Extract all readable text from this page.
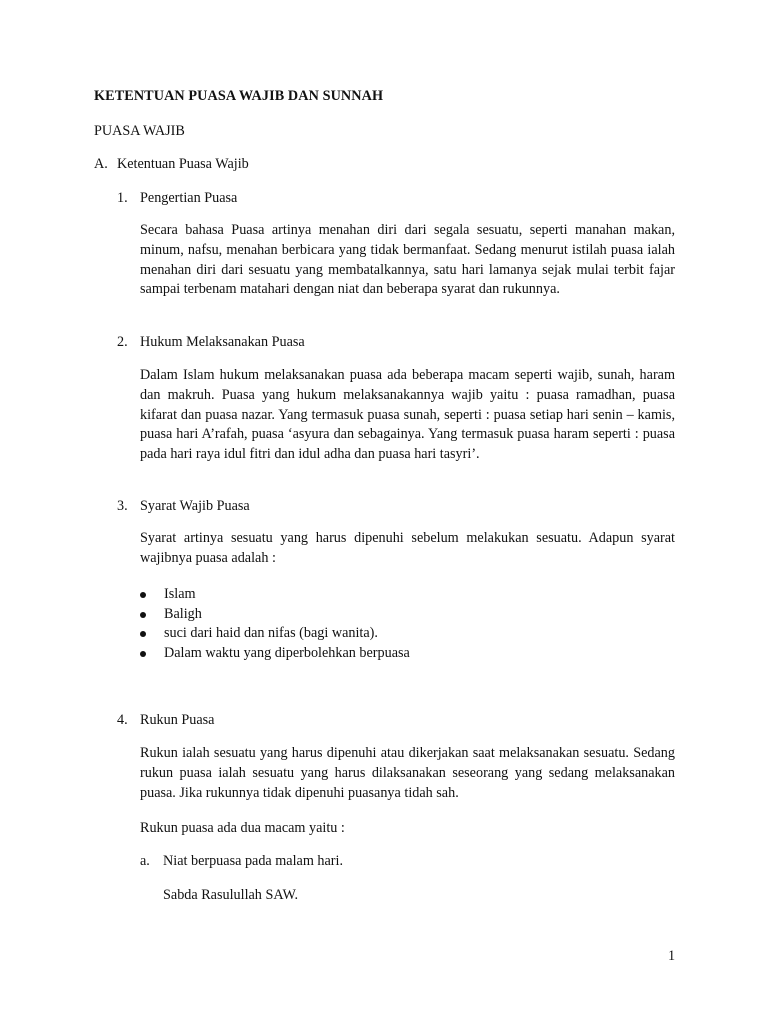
KETENTUAN PUASA WAJIB DAN SUNNAH
PUASA WAJIB
A. Ketentuan Puasa Wajib
1. Pengertian Puasa

Secara bahasa Puasa artinya menahan diri dari segala sesuatu, seperti manahan makan, minum, nafsu, menahan berbicara yang tidak bermanfaat. Sedang menurut istilah puasa ialah menahan diri dari sesuatu yang membatalkannya, satu hari lamanya sejak mulai terbit fajar sampai terbenam matahari dengan niat dan beberapa syarat dan rukunnya.

2. Hukum Melaksanakan Puasa

Dalam Islam hukum melaksanakan puasa ada beberapa macam seperti wajib, sunah, haram dan makruh. Puasa yang hukum melaksanakannya wajib yaitu : puasa ramadhan, puasa kifarat dan puasa nazar. Yang termasuk puasa sunah, seperti : puasa setiap hari senin – kamis, puasa hari A’rafah, puasa ‘asyura dan sebagainya. Yang termasuk puasa haram seperti : puasa pada hari raya idul fitri dan idul adha dan puasa hari tasyri’.

3. Syarat Wajib Puasa

Syarat artinya sesuatu yang harus dipenuhi sebelum melakukan sesuatu. Adapun syarat wajibnya puasa adalah :

Islam
Baligh
suci dari haid dan nifas (bagi wanita).
Dalam waktu yang diperbolehkan berpuasa
4. Rukun Puasa

Rukun ialah sesuatu yang harus dipenuhi atau dikerjakan saat melaksanakan sesuatu. Sedang rukun puasa ialah sesuatu yang harus dilaksanakan seseorang yang sedang melaksanakan puasa. Jika rukunnya tidak dipenuhi puasanya tidah sah.

Rukun puasa ada dua macam yaitu :
a. Niat berpuasa pada malam hari.
Sabda Rasulullah SAW.
1
